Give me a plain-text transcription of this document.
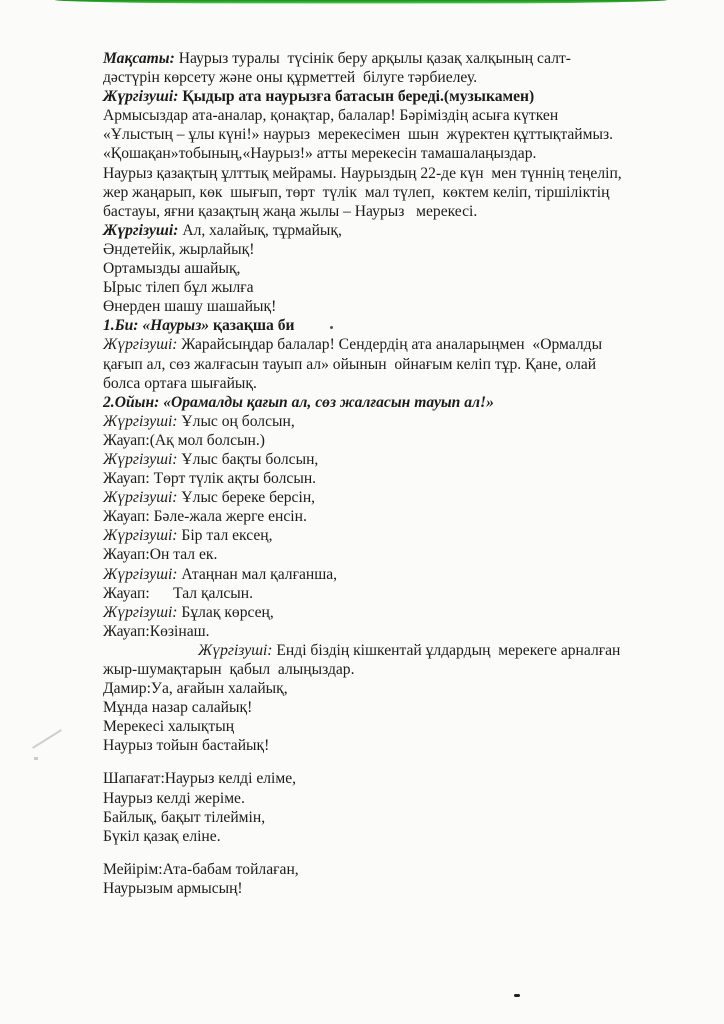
Мақсаты: Наурыз туралы  түсінік беру арқылы қазақ халқының салт-
дәстүрін көрсету және оны құрметтей  білуге тәрбиелеу.
Жүргізуші: Қыдыр ата наурызға батасын береді.(музыкамен)
Армысыздар ата-аналар, қонақтар, балалар! Бәріміздің асыға күткен
«Ұлыстың – ұлы күні!» наурыз  мерекесімен  шын  жүректен құттықтаймыз.
«Қошақан»тобының,«Наурыз!» атты мерекесін тамашалаңыздар.
Наурыз қазақтың ұлттық мейрамы. Наурыздың 22-де күн  мен түннің теңеліп,
жер жаңарып, көк  шығып, төрт  түлік  мал түлеп,  көктем келіп, тіршіліктің
бастауы, яғни қазақтың жаңа жылы – Наурыз   мерекесі.
Жүргізуші: Ал, халайық, тұрмайық,
Әндетейік, жырлайық!
Ортамызды ашайық,
Ырыс тілеп бұл жылға
Өнерден шашу шашайық!
1.Би: «Наурыз» қазақша би
Жүргізуші: Жарайсыңдар балалар! Сендердің ата аналарыңмен  «Ормалды
қағып ал, сөз жалғасын тауып ал» ойынын  ойнағым келіп тұр. Қане, олай
болса ортаға шығайық.
2.Ойын: «Орамалды қағып ал, сөз жалғасын тауып ал!»
Жүргізуші: Ұлыс оң болсын,
Жауап:(Ақ мол болсын.)
Жүргізуші: Ұлыс бақты болсын,
Жауап: Төрт түлік ақты болсын.
Жүргізуші: Ұлыс береке берсін,
Жауап: Бәле-жала жерге енсін.
Жүргізуші: Бір тал ексең,
Жауап:Он тал ек.
Жүргізуші: Атаңнан мал қалғанша,
Жауап:      Тал қалсын.
Жүргізуші: Бұлақ көрсең,
Жауап:Көзінаш.
Жүргізуші: Енді біздің кішкентай ұлдардың  мерекеге арналған
жыр-шумақтарын  қабыл  алыңыздар.
Дамир:Уа, ағайын халайық,
Мұнда назар салайық!
Мерекесі халықтың
Наурыз тойын бастайық!
Шапағат:Наурыз келді еліме,
Наурыз келді жеріме.
Байлық, бақыт тілеймін,
Бүкіл қазақ еліне.
Мейірім:Ата-бабам тойлаған,
Наурызым армысың!
